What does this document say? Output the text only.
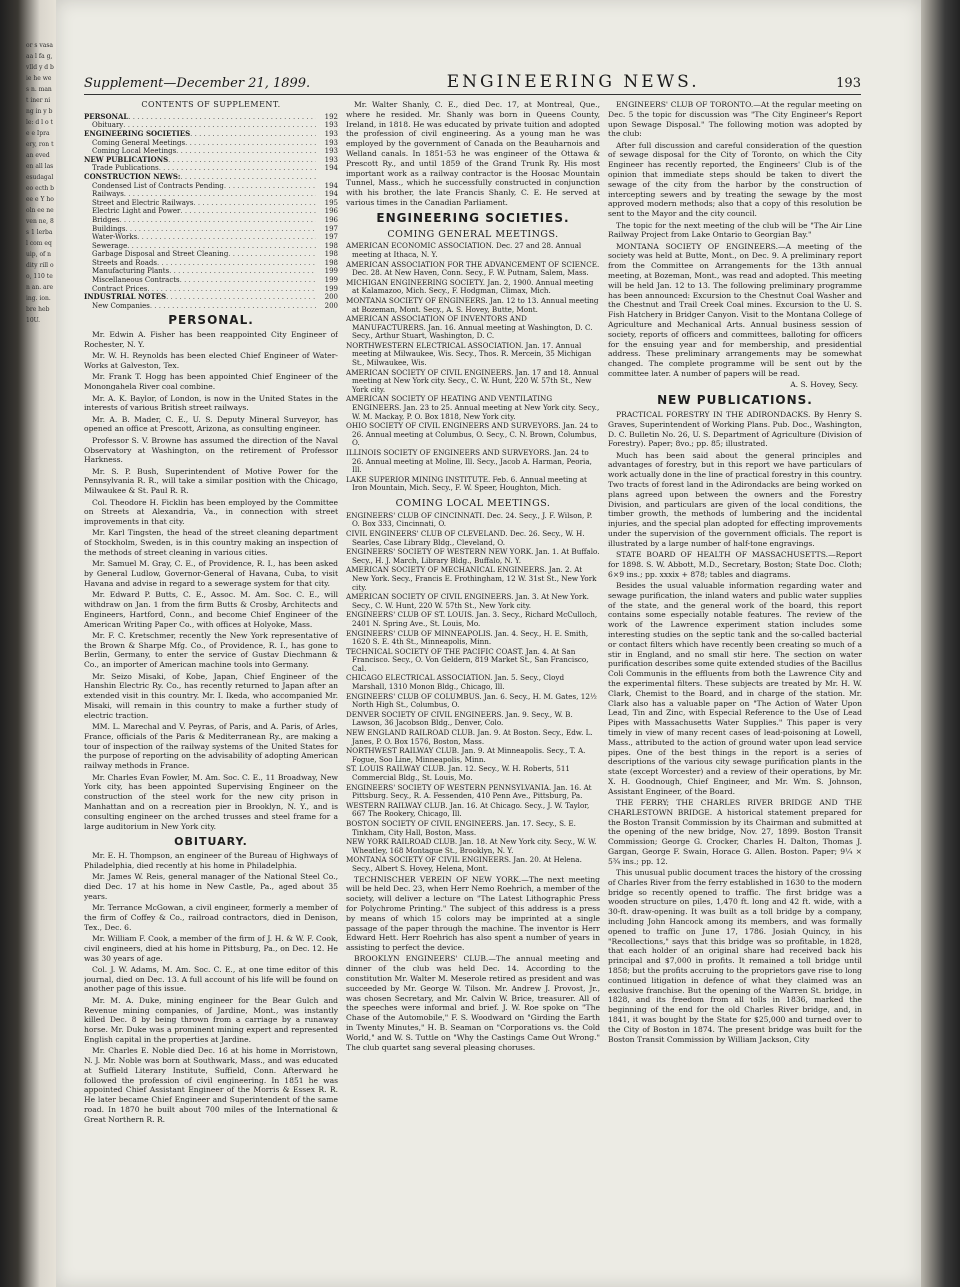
or s vasaaa l fa g, vlld y d bie he wes n. mant iner ning in y ble: d l o te e Ipra ery, ron tan eved en all lasesudagaleo ecth bee e Y ho oln ee ne ven ne, 8s 1 lerbal com equip, of ndity rill oo, 110 ten an. are ing. ion. bre heb 10U.
Supplement—December 21, 1899.	ENGINEERING NEWS.	193
CONTENTS OF SUPPLEMENT.
PERSONAL . . .	192
Obituary . . .	193
ENGINEERING SOCIETIES . . .	193
Coming General Meetings . . .	193
Coming Local Meetings . . .	193
NEW PUBLICATIONS . . .	193
Trade Publications . . .	194
CONSTRUCTION NEWS:
. . .
Condensed List of Contracts Pending . . .	194
Railways . . .	194
Street and Electric Railways . . .	195
Electric Light and Power . . .	196
Bridges . . .	196
Buildings . . .	197
Water-Works . . .	197
Sewerage . . .	198
Garbage Disposal and Street Cleaning . . .	198
Streets and Roads . . .	198
Manufacturing Plants . . .	199
Miscellaneous Contracts . . .	199
Contract Prices . . .	199
INDUSTRIAL NOTES . . .	200
New Companies . . .	200
PERSONAL.

Mr. Edwin A. Fisher has been reappointed City Engineer of Rochester, N. Y.

Mr. W. H. Reynolds has been elected Chief Engineer of Water-Works at Galveston, Tex.

Mr. Frank T. Hogg has been appointed Chief Engineer of the Monongahela River coal combine.

Mr. A. K. Baylor, of London, is now in the United States in the interests of various British street railways.

Mr. A. B. Mader, C. E., U. S. Deputy Mineral Surveyor, has opened an office at Prescott, Arizona, as consulting engineer.

Professor S. V. Browne has assumed the direction of the Naval Observatory at Washington, on the retirement of Professor Harkness.

Mr. S. P. Bush, Superintendent of Motive Power for the Pennsylvania R. R., will take a similar position with the Chicago, Milwaukee & St. Paul R. R.

Col. Theodore H. Ficklin has been employed by the Committee on Streets at Alexandria, Va., in connection with street improvements in that city.

Mr. Karl Tingsten, the head of the street cleaning department of Stockholm, Sweden, is in this country making an inspection of the methods of street cleaning in various cities.

Mr. Samuel M. Gray, C. E., of Providence, R. I., has been asked by General Ludlow, Governor-General of Havana, Cuba, to visit Havana and advise in regard to a sewerage system for that city.

Mr. Edward P. Butts, C. E., Assoc. M. Am. Soc. C. E., will withdraw on Jan. 1 from the firm Butts & Crosby, Architects and Engineers, Hartford, Conn., and become Chief Engineer of the American Writing Paper Co., with offices at Holyoke, Mass.

Mr. F. C. Kretschmer, recently the New York representative of the Brown & Sharpe Mfg. Co., of Providence, R. I., has gone to Berlin, Germany, to enter the service of Gustav Diechmann & Co., an importer of American machine tools into Germany.

Mr. Seizo Misaki, of Kobe, Japan, Chief Engineer of the Hanshin Electric Ry. Co., has recently returned to Japan after an extended visit in this country. Mr. I. Ikeda, who accompanied Mr. Misaki, will remain in this country to make a further study of electric traction.

MM. L. Marechal and V. Peyras, of Paris, and A. Paris, of Arles, France, officials of the Paris & Mediterranean Ry., are making a tour of inspection of the railway systems of the United States for the purpose of reporting on the advisability of adopting American railway methods in France.

Mr. Charles Evan Fowler, M. Am. Soc. C. E., 11 Broadway, New York city, has been appointed Supervising Engineer on the construction of the steel work for the new city prison in Manhattan and on a recreation pier in Brooklyn, N. Y., and is consulting engineer on the arched trusses and steel frame for a large auditorium in New York city.

OBITUARY.

Mr. E. H. Thompson, an engineer of the Bureau of Highways of Philadelphia, died recently at his home in Philadelphia.

Mr. James W. Reis, general manager of the National Steel Co., died Dec. 17 at his home in New Castle, Pa., aged about 35 years.

Mr. Terrance McGowan, a civil engineer, formerly a member of the firm of Coffey & Co., railroad contractors, died in Denison, Tex., Dec. 6.

Mr. William F. Cook, a member of the firm of J. H. & W. F. Cook, civil engineers, died at his home in Pittsburg, Pa., on Dec. 12. He was 30 years of age.

Col. J. W. Adams, M. Am. Soc. C. E., at one time editor of this journal, died on Dec. 13. A full account of his life will be found on another page of this issue.

Mr. M. A. Duke, mining engineer for the Bear Gulch and Revenue mining companies, of Jardine, Mont., was instantly killed Dec. 8 by being thrown from a carriage by a runaway horse. Mr. Duke was a prominent mining expert and represented English capital in the properties at Jardine.

Mr. Charles E. Noble died Dec. 16 at his home in Morristown, N. J. Mr. Noble was born at Southwark, Mass., and was educated at Suffield Literary Institute, Suffield, Conn. Afterward he followed the profession of civil engineering. In 1851 he was appointed Chief Assistant Engineer of the Morris & Essex R. R. He later became Chief Engineer and Superintendent of the same road. In 1870 he built about 700 miles of the International & Great Northern R. R.

Mr. Walter Shanly, C. E., died Dec. 17, at Montreal, Que., where he resided. Mr. Shanly was born in Queens County, Ireland, in 1818. He was educated by private tuition and adopted the profession of civil engineering. As a young man he was employed by the government of Canada on the Beauharnois and Welland canals. In 1851-53 he was engineer of the Ottawa & Prescott Ry., and until 1859 of the Grand Trunk Ry. His most important work as a railway contractor is the Hoosac Mountain Tunnel, Mass., which he successfully constructed in conjunction with his brother, the late Francis Shanly, C. E. He served at various times in the Canadian Parliament.

ENGINEERING SOCIETIES.
COMING GENERAL MEETINGS.
AMERICAN ECONOMIC ASSOCIATION. Dec. 27 and 28. Annual meeting at Ithaca, N. Y.
AMERICAN ASSOCIATION FOR THE ADVANCEMENT OF SCIENCE. Dec. 28. At New Haven, Conn. Secy., F. W. Putnam, Salem, Mass.
MICHIGAN ENGINEERING SOCIETY. Jan. 2, 1900. Annual meeting at Kalamazoo, Mich. Secy., F. Hodgman, Climax, Mich.
MONTANA SOCIETY OF ENGINEERS. Jan. 12 to 13. Annual meeting at Bozeman, Mont. Secy., A. S. Hovey, Butte, Mont.
AMERICAN ASSOCIATION OF INVENTORS AND MANUFACTURERS. Jan. 16. Annual meeting at Washington, D. C. Secy., Arthur Stuart, Washington, D. C.
NORTHWESTERN ELECTRICAL ASSOCIATION. Jan. 17. Annual meeting at Milwaukee, Wis. Secy., Thos. R. Mercein, 35 Michigan St., Milwaukee, Wis.
AMERICAN SOCIETY OF CIVIL ENGINEERS. Jan. 17 and 18. Annual meeting at New York city. Secy., C. W. Hunt, 220 W. 57th St., New York city.
AMERICAN SOCIETY OF HEATING AND VENTILATING ENGINEERS. Jan. 23 to 25. Annual meeting at New York city. Secy., W. M. Mackay, P. O. Box 1818, New York city.
OHIO SOCIETY OF CIVIL ENGINEERS AND SURVEYORS. Jan. 24 to 26. Annual meeting at Columbus, O. Secy., C. N. Brown, Columbus, O.
ILLINOIS SOCIETY OF ENGINEERS AND SURVEYORS. Jan. 24 to 26. Annual meeting at Moline, Ill. Secy., Jacob A. Harman, Peoria, Ill.
LAKE SUPERIOR MINING INSTITUTE. Feb. 6. Annual meeting at Iron Mountain, Mich. Secy., F. W. Speer, Houghton, Mich.
COMING LOCAL MEETINGS.
ENGINEERS' CLUB OF CINCINNATI. Dec. 24. Secy., J. F. Wilson, P. O. Box 333, Cincinnati, O.
CIVIL ENGINEERS' CLUB OF CLEVELAND. Dec. 26. Secy., W. H. Searles, Case Library Bldg., Cleveland, O.
ENGINEERS' SOCIETY OF WESTERN NEW YORK. Jan. 1. At Buffalo. Secy., H. J. March, Library Bldg., Buffalo, N. Y.
AMERICAN SOCIETY OF MECHANICAL ENGINEERS. Jan. 2. At New York. Secy., Francis E. Frothingham, 12 W. 31st St., New York city.
AMERICAN SOCIETY OF CIVIL ENGINEERS. Jan. 3. At New York. Secy., C. W. Hunt, 220 W. 57th St., New York city.
ENGINEERS' CLUB OF ST. LOUIS. Jan. 3. Secy., Richard McCulloch, 2401 N. Spring Ave., St. Louis, Mo.
ENGINEERS' CLUB OF MINNEAPOLIS. Jan. 4. Secy., H. E. Smith, 1620 S. E. 4th St., Minneapolis, Minn.
TECHNICAL SOCIETY OF THE PACIFIC COAST. Jan. 4. At San Francisco. Secy., O. Von Geldern, 819 Market St., San Francisco, Cal.
CHICAGO ELECTRICAL ASSOCIATION. Jan. 5. Secy., Cloyd Marshall, 1310 Monon Bldg., Chicago, Ill.
ENGINEERS' CLUB OF COLUMBUS. Jan. 6. Secy., H. M. Gates, 12½ North High St., Columbus, O.
DENVER SOCIETY OF CIVIL ENGINEERS. Jan. 9. Secy., W. B. Lawson, 36 Jacobson Bldg., Denver, Colo.
NEW ENGLAND RAILROAD CLUB. Jan. 9. At Boston. Secy., Edw. L. Janes, P. O. Box 1576, Boston, Mass.
NORTHWEST RAILWAY CLUB. Jan. 9. At Minneapolis. Secy., T. A. Fogue, Soo Line, Minneapolis, Minn.
ST. LOUIS RAILWAY CLUB. Jan. 12. Secy., W. H. Roberts, 511 Commercial Bldg., St. Louis, Mo.
ENGINEERS' SOCIETY OF WESTERN PENNSYLVANIA. Jan. 16. At Pittsburg. Secy., R. A. Fessenden, 410 Penn Ave., Pittsburg, Pa.
WESTERN RAILWAY CLUB. Jan. 16. At Chicago. Secy., J. W. Taylor, 667 The Rookery, Chicago, Ill.
BOSTON SOCIETY OF CIVIL ENGINEERS. Jan. 17. Secy., S. E. Tinkham, City Hall, Boston, Mass.
NEW YORK RAILROAD CLUB. Jan. 18. At New York city. Secy., W. W. Wheatley, 168 Montague St., Brooklyn, N. Y.
MONTANA SOCIETY OF CIVIL ENGINEERS. Jan. 20. At Helena. Secy., Albert S. Hovey, Helena, Mont.

TECHNISCHER VEREIN OF NEW YORK.—The next meeting will be held Dec. 23, when Herr Nemo Roehrich, a member of the society, will deliver a lecture on "The Latest Lithographic Press for Polychrome Printing." The subject of this address is a press by means of which 15 colors may be imprinted at a single passage of the paper through the machine. The inventor is Herr Edward Hett. Herr Roehrich has also spent a number of years in assisting to perfect the device.

BROOKLYN ENGINEERS' CLUB.—The annual meeting and dinner of the club was held Dec. 14. According to the constitution Mr. Walter M. Meserole retired as president and was succeeded by Mr. George W. Tilson. Mr. Andrew J. Provost, Jr., was chosen Secretary, and Mr. Calvin W. Brice, treasurer. All of the speeches were informal and brief. J. W. Roe spoke on "The Chase of the Automobile," F. S. Woodward on "Girding the Earth in Twenty Minutes," H. B. Seaman on "Corporations vs. the Cold World," and W. S. Tuttle on "Why the Castings Came Out Wrong." The club quartet sang several pleasing choruses.

ENGINEERS' CLUB OF TORONTO.—At the regular meeting on Dec. 5 the topic for discussion was "The City Engineer's Report upon Sewage Disposal." The following motion was adopted by the club:

After full discussion and careful consideration of the question of sewage disposal for the City of Toronto, on which the City Engineer has recently reported, the Engineers' Club is of the opinion that immediate steps should be taken to divert the sewage of the city from the harbor by the construction of intercepting sewers and by treating the sewage by the most approved modern methods; also that a copy of this resolution be sent to the Mayor and the city council.

The topic for the next meeting of the club will be "The Air Line Railway Project from Lake Ontario to Georgian Bay."

MONTANA SOCIETY OF ENGINEERS.—A meeting of the society was held at Butte, Mont., on Dec. 9. A preliminary report from the Committee on Arrangements for the 13th annual meeting, at Bozeman, Mont., was read and adopted. This meeting will be held Jan. 12 to 13. The following preliminary programme has been announced: Excursion to the Chestnut Coal Washer and the Chestnut and Trail Creek Coal mines. Excursion to the U. S. Fish Hatchery in Bridger Canyon. Visit to the Montana College of Agriculture and Mechanical Arts. Annual business session of society, reports of officers and committees, balloting for officers for the ensuing year and for membership, and presidential address. These preliminary arrangements may be somewhat changed. The complete programme will be sent out by the committee later. A number of papers will be read.

A. S. Hovey, Secy.
NEW PUBLICATIONS.

PRACTICAL FORESTRY IN THE ADIRONDACKS. By Henry S. Graves, Superintendent of Working Plans. Pub. Doc., Washington, D. C. Bulletin No. 26, U. S. Department of Agriculture (Division of Forestry). Paper; 8vo.; pp. 85; illustrated.

Much has been said about the general principles and advantages of forestry, but in this report we have particulars of work actually done in the line of practical forestry in this country. Two tracts of forest land in the Adirondacks are being worked on plans agreed upon between the owners and the Forestry Division, and particulars are given of the local conditions, the timber growth, the methods of lumbering and the incidental injuries, and the special plan adopted for effecting improvements under the supervision of the government officials. The report is illustrated by a large number of half-tone engravings.

STATE BOARD OF HEALTH OF MASSACHUSETTS.—Report for 1898. S. W. Abbott, M.D., Secretary, Boston; State Doc. Cloth; 6×9 ins.; pp. xxxix + 878; tables and diagrams.

Besides the usual valuable information regarding water and sewage purification, the inland waters and public water supplies of the state, and the general work of the board, this report contains some especially notable features. The review of the work of the Lawrence experiment station includes some interesting studies on the septic tank and the so-called bacterial or contact filters which have recently been creating so much of a stir in England, and no small stir here. The section on water purification describes some quite extended studies of the Bacillus Coli Communis in the effluents from both the Lawrence City and the experimental filters. These subjects are treated by Mr. H. W. Clark, Chemist to the Board, and in charge of the station. Mr. Clark also has a valuable paper on "The Action of Water Upon Lead, Tin and Zinc, with Especial Reference to the Use of Lead Pipes with Massachusetts Water Supplies." This paper is very timely in view of many recent cases of lead-poisoning at Lowell, Mass., attributed to the action of ground water upon lead service pipes. One of the best things in the report is a series of descriptions of the various city sewage purification plants in the state (except Worcester) and a review of their operations, by Mr. X. H. Goodnough, Chief Engineer, and Mr. Wm. S. Johnson, Assistant Engineer, of the Board.

THE FERRY; THE CHARLES RIVER BRIDGE AND THE CHARLESTOWN BRIDGE. A historical statement prepared for the Boston Transit Commission by its Chairman and submitted at the opening of the new bridge, Nov. 27, 1899. Boston Transit Commission; George G. Crocker, Charles H. Dalton, Thomas J. Gargan, George F. Swain, Horace G. Allen. Boston. Paper; 9¼ × 5¾ ins.; pp. 12.

This unusual public document traces the history of the crossing of Charles River from the ferry established in 1630 to the modern bridge so recently opened to traffic. The first bridge was a wooden structure on piles, 1,470 ft. long and 42 ft. wide, with a 30-ft. draw-opening. It was built as a toll bridge by a company, including John Hancock among its members, and was formally opened to traffic on June 17, 1786. Josiah Quincy, in his "Recollections," says that this bridge was so profitable, in 1828, that each holder of an original share had received back his principal and $7,000 in profits. It remained a toll bridge until 1858; but the profits accruing to the proprietors gave rise to long continued litigation in defence of what they claimed was an exclusive franchise. But the opening of the Warren St. bridge, in 1828, and its freedom from all tolls in 1836, marked the beginning of the end for the old Charles River bridge, and, in 1841, it was bought by the State for $25,000 and turned over to the City of Boston in 1874. The present bridge was built for the Boston Transit Commission by William Jackson, City
